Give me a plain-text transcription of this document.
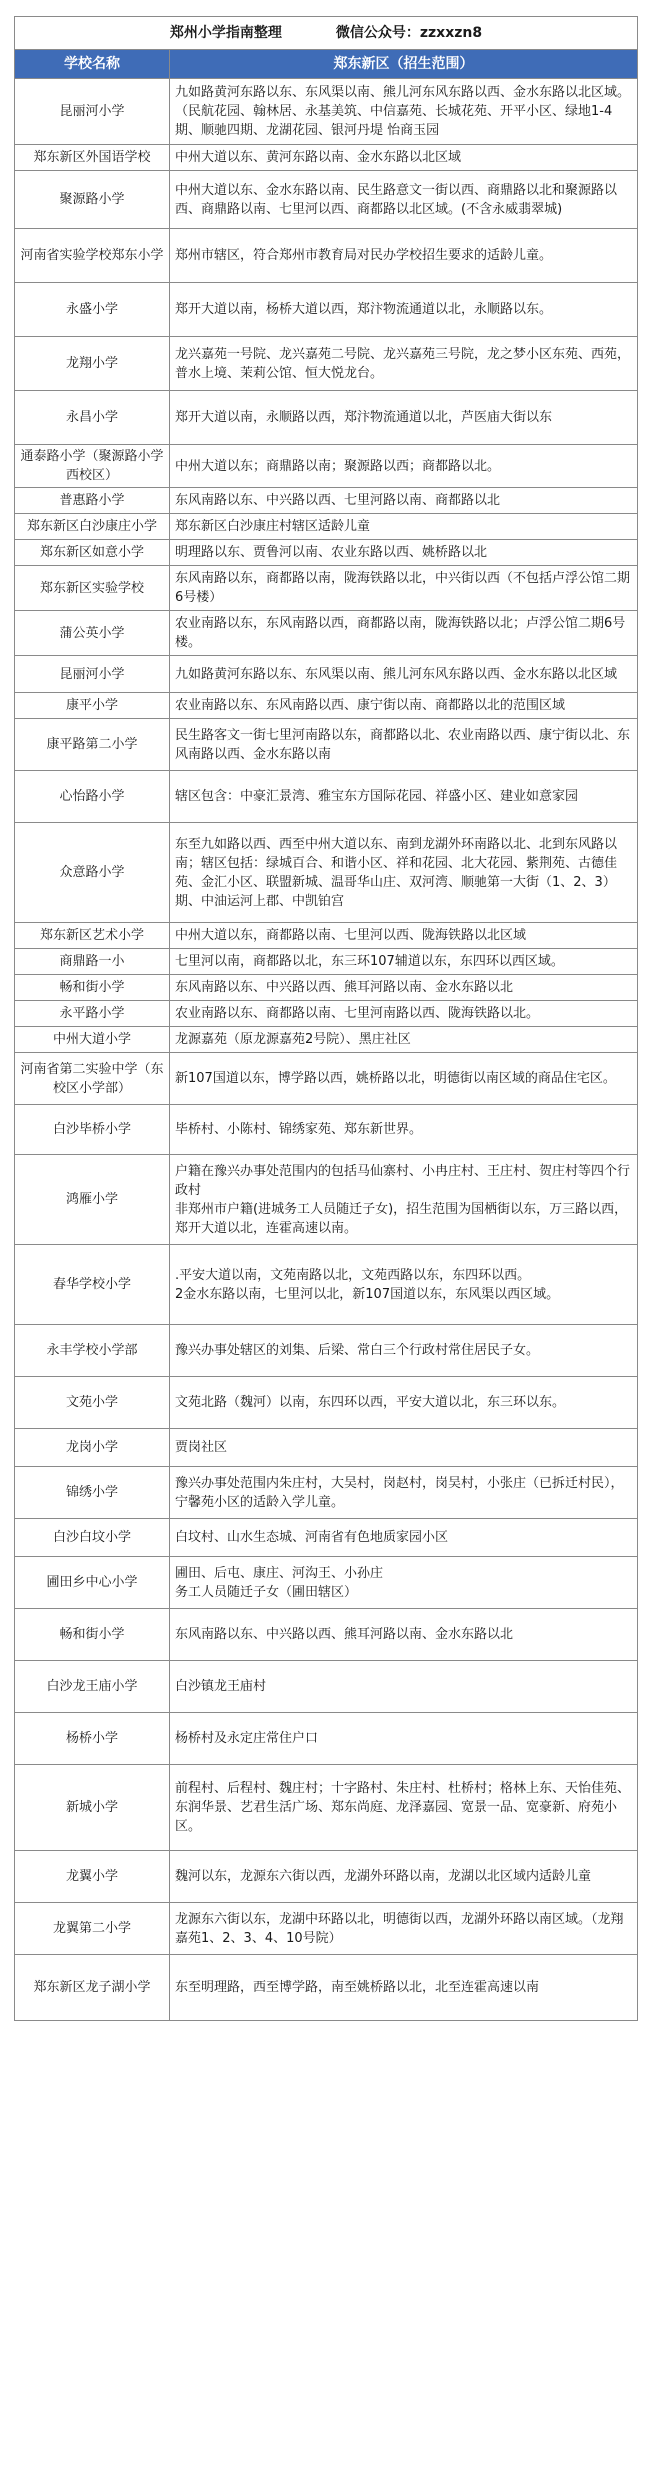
郑州小学指南整理 微信公众号：zzxxzn8	
学校名称	郑东新区（招生范围）
昆丽河小学	九如路黄河东路以东、东风渠以南、熊儿河东风东路以西、金水东路以北区域。（民航花园、翰林居、永基美筑、中信嘉苑、长城花苑、开平小区、绿地1-4期、顺驰四期、龙湖花园、银河丹堤 怡商玉园
郑东新区外国语学校	中州大道以东、黄河东路以南、金水东路以北区域
聚源路小学	中州大道以东、金水东路以南、民生路意文一街以西、商鼎路以北和聚源路以西、商鼎路以南、七里河以西、商都路以北区域。(不含永威翡翠城)
河南省实验学校郑东小学	郑州市辖区，符合郑州市教育局对民办学校招生要求的适龄儿童。
永盛小学	郑开大道以南，杨桥大道以西，郑汴物流通道以北，永顺路以东。
龙翔小学	龙兴嘉苑一号院、龙兴嘉苑二号院、龙兴嘉苑三号院，龙之梦小区东苑、西苑，普水上境、茉莉公馆、恒大悦龙台。
永昌小学	郑开大道以南，永顺路以西，郑汴物流通道以北，芦医庙大街以东
通泰路小学（聚源路小学西校区）	中州大道以东；商鼎路以南；聚源路以西；商都路以北。
普惠路小学	东风南路以东、中兴路以西、七里河路以南、商都路以北
郑东新区白沙康庄小学	郑东新区白沙康庄村辖区适龄儿童
郑东新区如意小学	明理路以东、贾鲁河以南、农业东路以西、姚桥路以北
郑东新区实验学校	东风南路以东，商都路以南，陇海铁路以北，中兴街以西（不包括卢浮公馆二期6号楼）
蒲公英小学	农业南路以东，东风南路以西，商都路以南，陇海铁路以北；卢浮公馆二期6号楼。
昆丽河小学	九如路黄河东路以东、东风渠以南、熊儿河东风东路以西、金水东路以北区域
康平小学	农业南路以东、东风南路以西、康宁街以南、商都路以北的范围区域
康平路第二小学	民生路客文一街七里河南路以东，商都路以北、农业南路以西、康宁街以北、东风南路以西、金水东路以南
心怡路小学	辖区包含：中豪汇景湾、雅宝东方国际花园、祥盛小区、建业如意家园
众意路小学	东至九如路以西、西至中州大道以东、南到龙湖外环南路以北、北到东风路以南；辖区包括：绿城百合、和谐小区、祥和花园、北大花园、紫荆苑、古德佳苑、金汇小区、联盟新城、温哥华山庄、双河湾、顺驰第一大街（1、2、3）期、中油运河上郡、中凯铂宫
郑东新区艺术小学	中州大道以东，商都路以南、七里河以西、陇海铁路以北区域
商鼎路一小	七里河以南，商都路以北，东三环107辅道以东，东四环以西区域。
畅和街小学	东风南路以东、中兴路以西、熊耳河路以南、金水东路以北
永平路小学	农业南路以东、商都路以南、七里河南路以西、陇海铁路以北。
中州大道小学	龙源嘉苑（原龙源嘉苑2号院）、黑庄社区
河南省第二实验中学（东校区小学部）	新107国道以东，博学路以西，姚桥路以北，明德街以南区域的商品住宅区。
白沙毕桥小学	毕桥村、小陈村、锦绣家苑、郑东新世界。
鸿雁小学	户籍在豫兴办事处范围内的包括马仙寨村、小冉庄村、王庄村、贺庄村等四个行政村
非郑州市户籍(进城务工人员随迁子女)，招生范围为国栖街以东，万三路以西，郑开大道以北，连霍高速以南。
春华学校小学	.平安大道以南，文苑南路以北，文苑西路以东，东四环以西。
2金水东路以南，七里河以北，新107国道以东，东风渠以西区域。
永丰学校小学部	豫兴办事处辖区的刘集、后梁、常白三个行政村常住居民子女。
文苑小学	文苑北路（魏河）以南，东四环以西，平安大道以北，东三环以东。
龙岗小学	贾岗社区
锦绣小学	豫兴办事处范围内朱庄村，大吴村，岗赵村，岗吴村，小张庄（已拆迁村民），宁馨苑小区的适龄入学儿童。
白沙白坟小学	白坟村、山水生态城、河南省有色地质家园小区
圃田乡中心小学	圃田、后屯、康庄、河沟王、小孙庄
务工人员随迁子女（圃田辖区）
畅和街小学	东风南路以东、中兴路以西、熊耳河路以南、金水东路以北
白沙龙王庙小学	白沙镇龙王庙村
杨桥小学	杨桥村及永定庄常住户口
新城小学	前程村、后程村、魏庄村；十字路村、朱庄村、杜桥村；格林上东、天怡佳苑、东润华景、艺君生活广场、郑东尚庭、龙泽嘉园、宽景一品、宽豪新、府苑小区。
龙翼小学	魏河以东，龙源东六街以西，龙湖外环路以南，龙湖以北区域内适龄儿童
龙翼第二小学	龙源东六街以东，龙湖中环路以北，明德街以西，龙湖外环路以南区域。（龙翔嘉苑1、2、3、4、10号院）
郑东新区龙子湖小学	东至明理路，西至博学路，南至姚桥路以北，北至连霍高速以南
